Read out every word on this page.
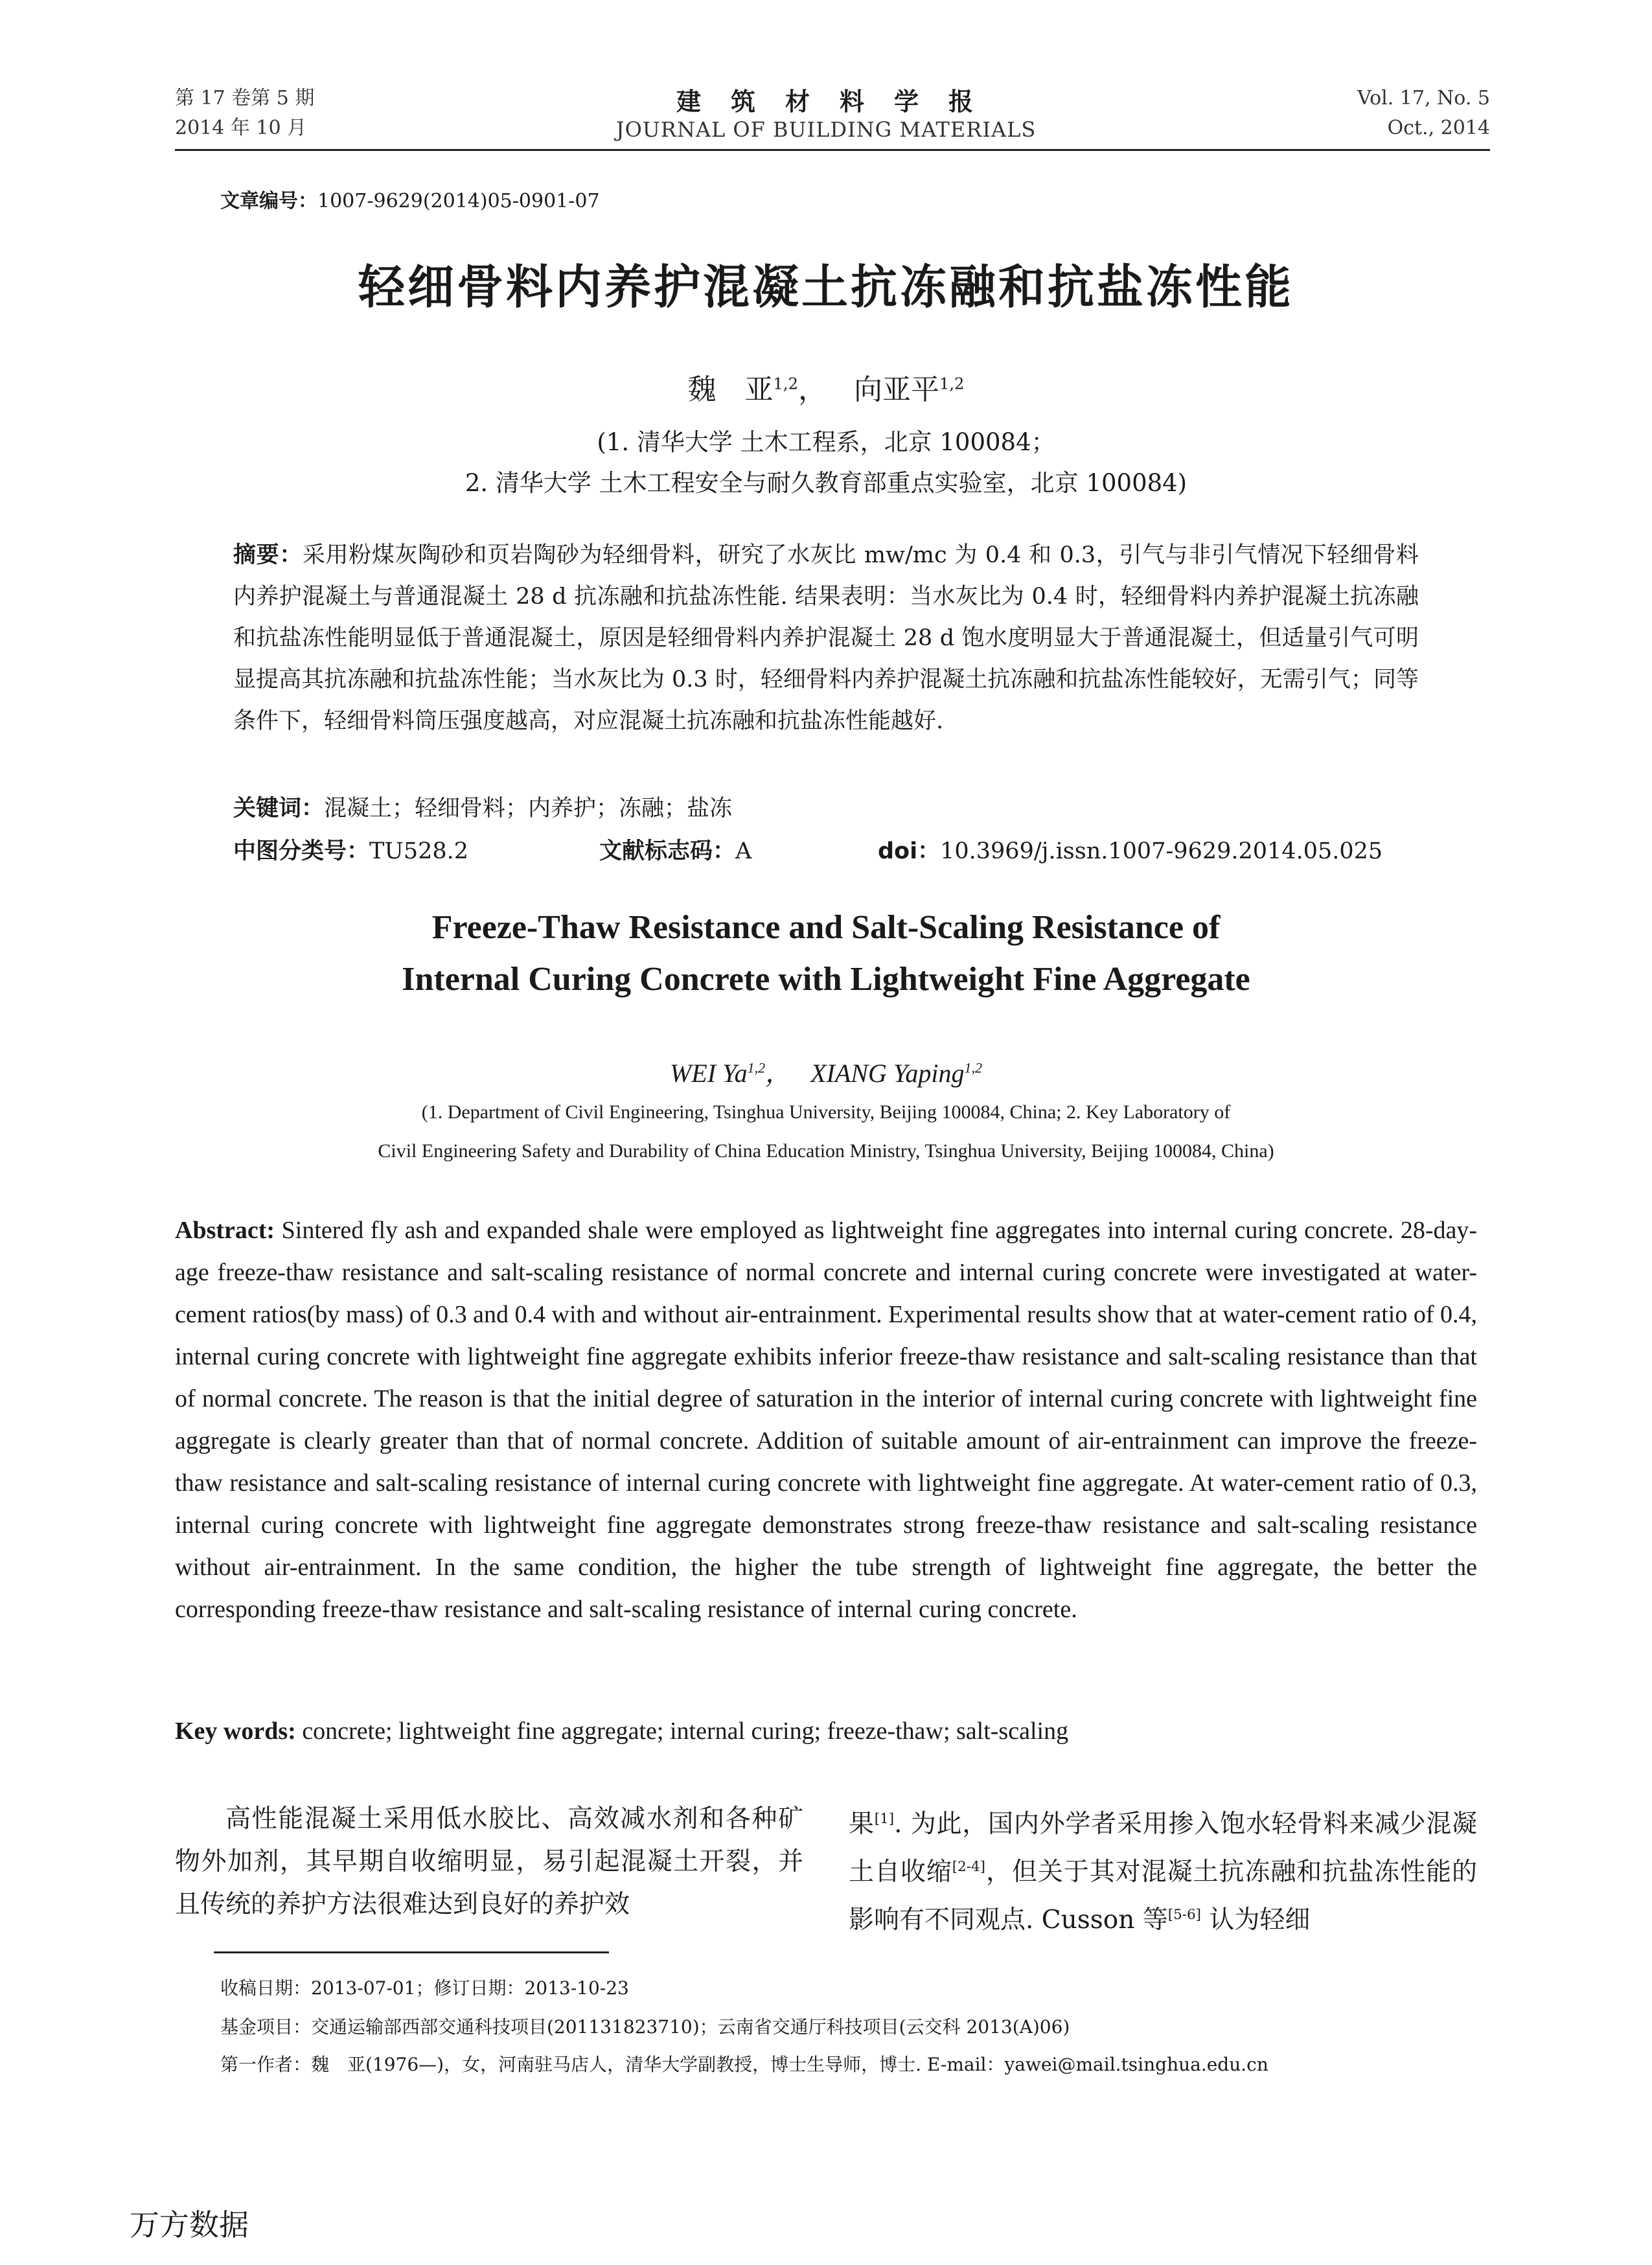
第 17 卷第 5 期
2014 年 10 月
建　筑　材　料　学　报
JOURNAL OF BUILDING MATERIALS
Vol. 17, No. 5
Oct., 2014
文章编号：1007-9629(2014)05-0901-07
轻细骨料内养护混凝土抗冻融和抗盐冻性能
魏　亚$^{1,2}$， 向亚平$^{1,2}$
(1. 清华大学 土木工程系，北京 100084；
2. 清华大学 土木工程安全与耐久教育部重点实验室，北京 100084)
摘要：采用粉煤灰陶砂和页岩陶砂为轻细骨料，研究了水灰比 mw/mc 为 0.4 和 0.3，引气与非引气情况下轻细骨料内养护混凝土与普通混凝土 28 d 抗冻融和抗盐冻性能. 结果表明：当水灰比为 0.4 时，轻细骨料内养护混凝土抗冻融和抗盐冻性能明显低于普通混凝土，原因是轻细骨料内养护混凝土 28 d 饱水度明显大于普通混凝土，但适量引气可明显提高其抗冻融和抗盐冻性能；当水灰比为 0.3 时，轻细骨料内养护混凝土抗冻融和抗盐冻性能较好，无需引气；同等条件下，轻细骨料筒压强度越高，对应混凝土抗冻融和抗盐冻性能越好.
关键词：混凝土；轻细骨料；内养护；冻融；盐冻
中图分类号：TU528.2	文献标志码：A	doi：10.3969/j.issn.1007-9629.2014.05.025
Freeze-Thaw Resistance and Salt-Scaling Resistance of
Internal Curing Concrete with Lightweight Fine Aggregate
WEI Ya$^{1,2}$， XIANG Yaping$^{1,2}$
(1. Department of Civil Engineering, Tsinghua University, Beijing 100084, China; 2. Key Laboratory of
Civil Engineering Safety and Durability of China Education Ministry, Tsinghua University, Beijing 100084, China)
Abstract: Sintered fly ash and expanded shale were employed as lightweight fine aggregates into internal curing concrete. 28-day-age freeze-thaw resistance and salt-scaling resistance of normal concrete and internal curing concrete were investigated at water-cement ratios(by mass) of 0.3 and 0.4 with and without air-entrainment. Experimental results show that at water-cement ratio of 0.4, internal curing concrete with lightweight fine aggregate exhibits inferior freeze-thaw resistance and salt-scaling resistance than that of normal concrete. The reason is that the initial degree of saturation in the interior of internal curing concrete with lightweight fine aggregate is clearly greater than that of normal concrete. Addition of suitable amount of air-entrainment can improve the freeze-thaw resistance and salt-scaling resistance of internal curing concrete with lightweight fine aggregate. At water-cement ratio of 0.3, internal curing concrete with lightweight fine aggregate demonstrates strong freeze-thaw resistance and salt-scaling resistance without air-entrainment. In the same condition, the higher the tube strength of lightweight fine aggregate, the better the corresponding freeze-thaw resistance and salt-scaling resistance of internal curing concrete.
Key words: concrete; lightweight fine aggregate; internal curing; freeze-thaw; salt-scaling
高性能混凝土采用低水胶比、高效减水剂和各种矿物外加剂，其早期自收缩明显，易引起混凝土开裂，并且传统的养护方法很难达到良好的养护效
果[1]. 为此，国内外学者采用掺入饱水轻骨料来减少混凝土自收缩[2-4]，但关于其对混凝土抗冻融和抗盐冻性能的影响有不同观点. Cusson 等[5-6] 认为轻细
收稿日期：2013-07-01；修订日期：2013-10-23
基金项目：交通运输部西部交通科技项目(201131823710)；云南省交通厅科技项目(云交科 2013(A)06)
第一作者：魏　亚(1976—)，女，河南驻马店人，清华大学副教授，博士生导师，博士. E-mail：yawei@mail.tsinghua.edu.cn
万方数据
